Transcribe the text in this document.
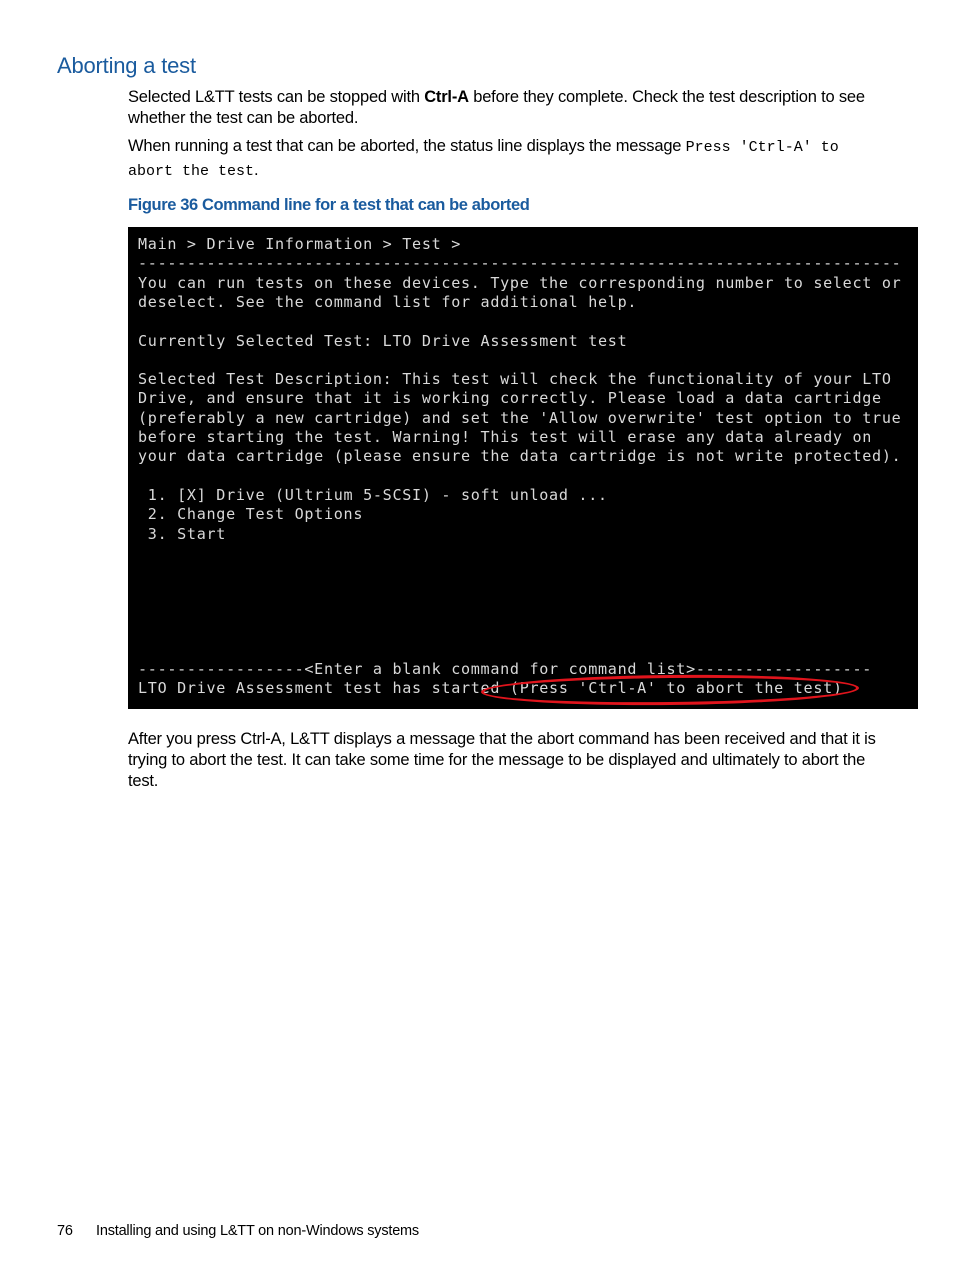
Aborting a test

Selected L&TT tests can be stopped with Ctrl-A before they complete. Check the test description to see whether the test can be aborted.

When running a test that can be aborted, the status line displays the message Press 'Ctrl-A' to abort the test.

Figure 36 Command line for a test that can be aborted

Main > Drive Information > Test >
------------------------------------------------------------------------------
You can run tests on these devices. Type the corresponding number to select or
deselect. See the command list for additional help.
Currently Selected Test: LTO Drive Assessment test
Selected Test Description: This test will check the functionality of your LTO
Drive, and ensure that it is working correctly. Please load a data cartridge
(preferably a new cartridge) and set the 'Allow overwrite' test option to true
before starting the test. Warning! This test will erase any data already on
your data cartridge (please ensure the data cartridge is not write protected).
1. [X] Drive (Ultrium 5-SCSI) - soft unload ...
2. Change Test Options
3. Start
-----------------<Enter a blank command for command list>------------------
LTO Drive Assessment test has started (Press 'Ctrl-A' to abort the test)

After you press Ctrl-A, L&TT displays a message that the abort command has been received and that it is trying to abort the test. It can take some time for the message to be displayed and ultimately to abort the test.

76 Installing and using L&TT on non-Windows systems
